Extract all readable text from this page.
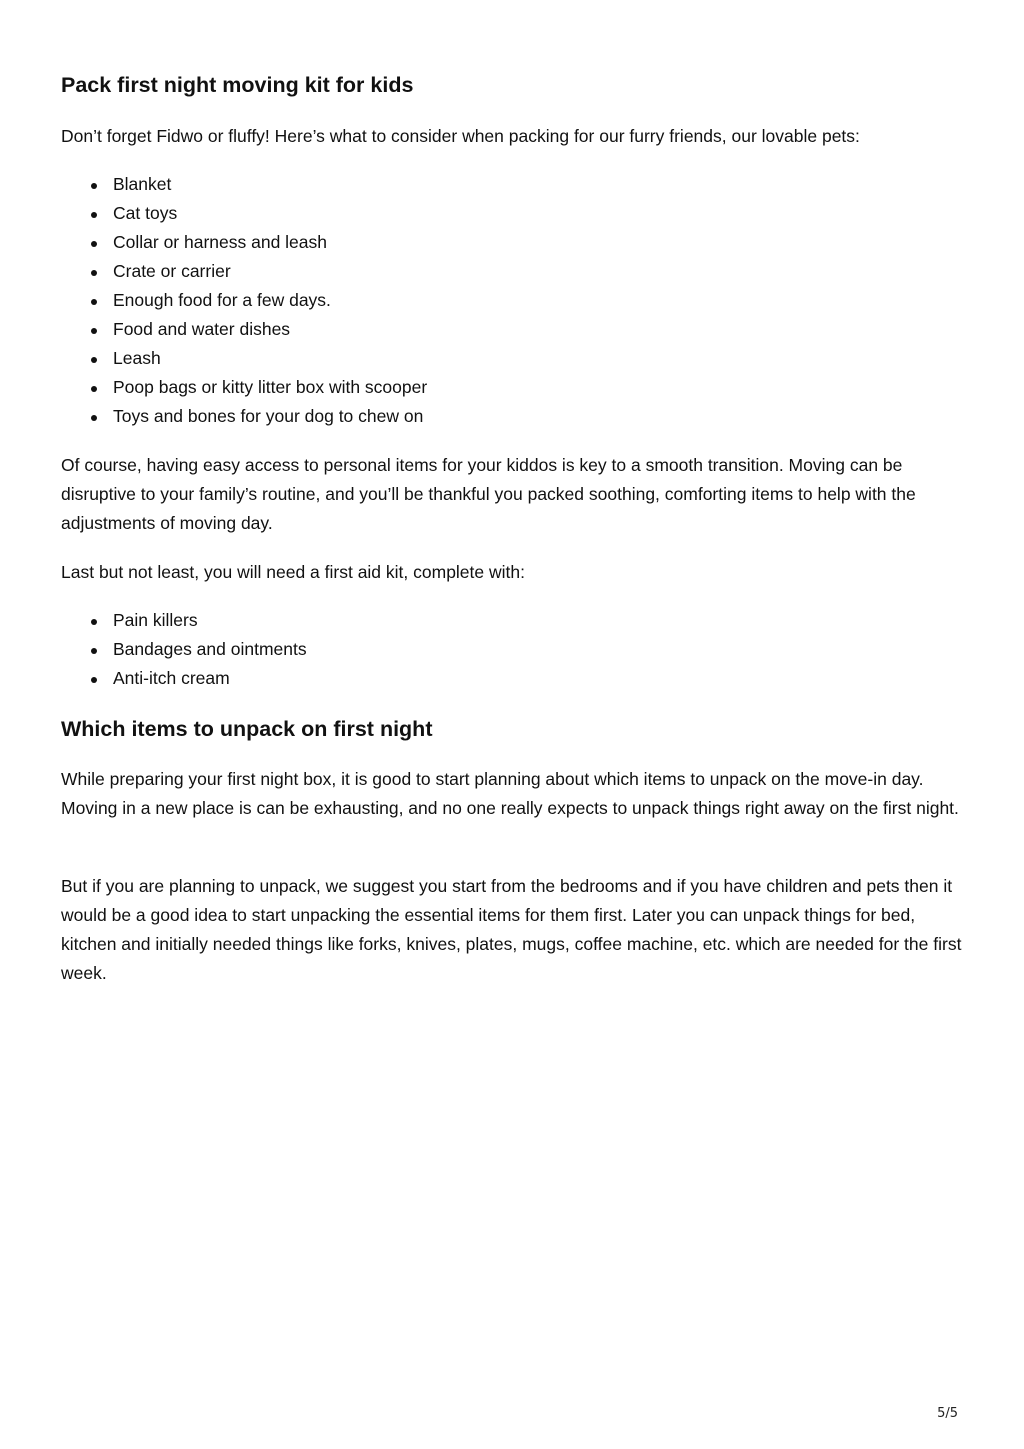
Pack first night moving kit for kids

Don’t forget Fidwo or fluffy! Here’s what to consider when packing for our furry friends, our lovable pets:

Blanket
Cat toys
Collar or harness and leash
Crate or carrier
Enough food for a few days.
Food and water dishes
Leash
Poop bags or kitty litter box with scooper
Toys and bones for your dog to chew on

Of course, having easy access to personal items for your kiddos is key to a smooth transition. Moving can be disruptive to your family’s routine, and you’ll be thankful you packed soothing, comforting items to help with the adjustments of moving day.

Last but not least, you will need a first aid kit, complete with:

Pain killers
Bandages and ointments
Anti-itch cream
Which items to unpack on first night

While preparing your first night box, it is good to start planning about which items to unpack on the move-in day. Moving in a new place is can be exhausting, and no one really expects to unpack things right away on the first night.

But if you are planning to unpack, we suggest you start from the bedrooms and if you have children and pets then it would be a good idea to start unpacking the essential items for them first. Later you can unpack things for bed, kitchen and initially needed things like forks, knives, plates, mugs, coffee machine, etc. which are needed for the first week.

5/5
